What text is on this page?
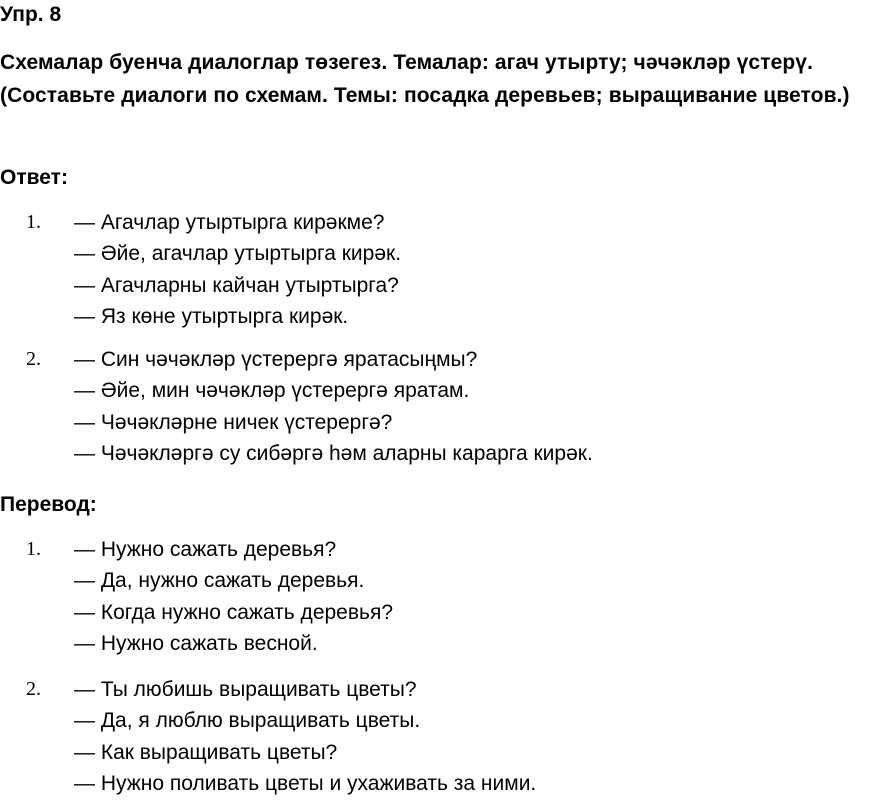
Упр. 8
Схемалар буенча диалоглар төзегез. Темалар: агач утырту; чәчәкләр үстерү. (Составьте диалоги по схемам. Темы: посадка деревьев; выращивание цветов.)
Ответ:
1. — Агачлар утыртырга кирәкме?
— Әйе, агачлар утыртырга кирәк.
— Агачларны кайчан утыртырга?
— Яз көне утыртырга кирәк.
2. — Син чәчәкләр үстерергә яратасыңмы?
— Әйе, мин чәчәкләр үстерергә яратам.
— Чәчәкләрне ничек үстерергә?
— Чәчәкләргә су сибәргә һәм аларны карарга кирәк.
Перевод:
1. — Нужно сажать деревья?
— Да, нужно сажать деревья.
— Когда нужно сажать деревья?
— Нужно сажать весной.
2. — Ты любишь выращивать цветы?
— Да, я люблю выращивать цветы.
— Как выращивать цветы?
— Нужно поливать цветы и ухаживать за ними.
